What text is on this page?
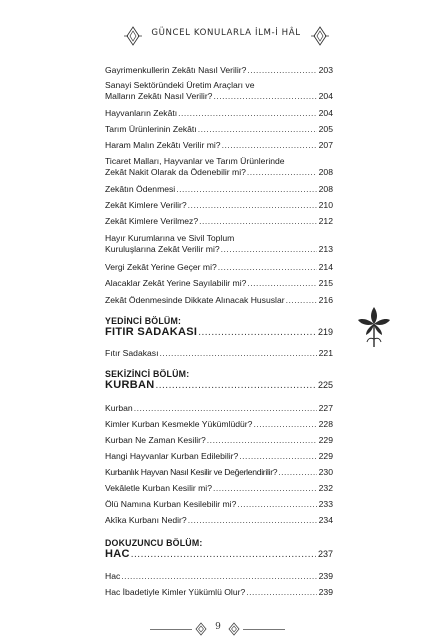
GÜNCEL KONULARLA İLM-İ HÂL
Gayrimenkullerin Zekâtı Nasıl Verilir? .....	203
Sanayi Sektöründeki Üretim Araçları ve
Malların Zekâtı Nasıl Verilir? .....	204
Hayvanların Zekâtı .....	204
Tarım Ürünlerinin Zekâtı .....	205
Haram Malın Zekâtı Verilir mi? .....	207
Ticaret Malları, Hayvanlar ve Tarım Ürünlerinde
Zekât Nakit Olarak da Ödenebilir mi? .....	208
Zekâtın Ödenmesi .....	208
Zekât Kimlere Verilir? .....	210
Zekât Kimlere Verilmez? .....	212
Hayır Kurumlarına ve Sivil Toplum
Kuruluşlarına Zekât Verilir mi? .....	213
Vergi Zekât Yerine Geçer mi? .....	214
Alacaklar Zekât Yerine Sayılabilir mi? .....	215
Zekât Ödenmesinde Dikkate Alınacak Hususlar .....	216
YEDİNCİ BÖLÜM:
FITIR SADAKASI .....	219
Fıtır Sadakası .....	221
SEKİZİNCİ BÖLÜM:
KURBAN .....	225
Kurban .....	227
Kimler Kurban Kesmekle Yükümlüdür? .....	228
Kurban Ne Zaman Kesilir? .....	229
Hangi Hayvanlar Kurban Edilebilir? .....	229
Kurbanlık Hayvan Nasıl Kesilir ve Değerlendirilir? .....	230
Vekâletle Kurban Kesilir mi? .....	232
Ölü Namına Kurban Kesilebilir mi? .....	233
Akîka Kurbanı Nedir? .....	234
DOKUZUNCU BÖLÜM:
HAC .....	237
Hac .....	239
Hac İbadetiyle Kimler Yükümlü Olur? .....	239
9
